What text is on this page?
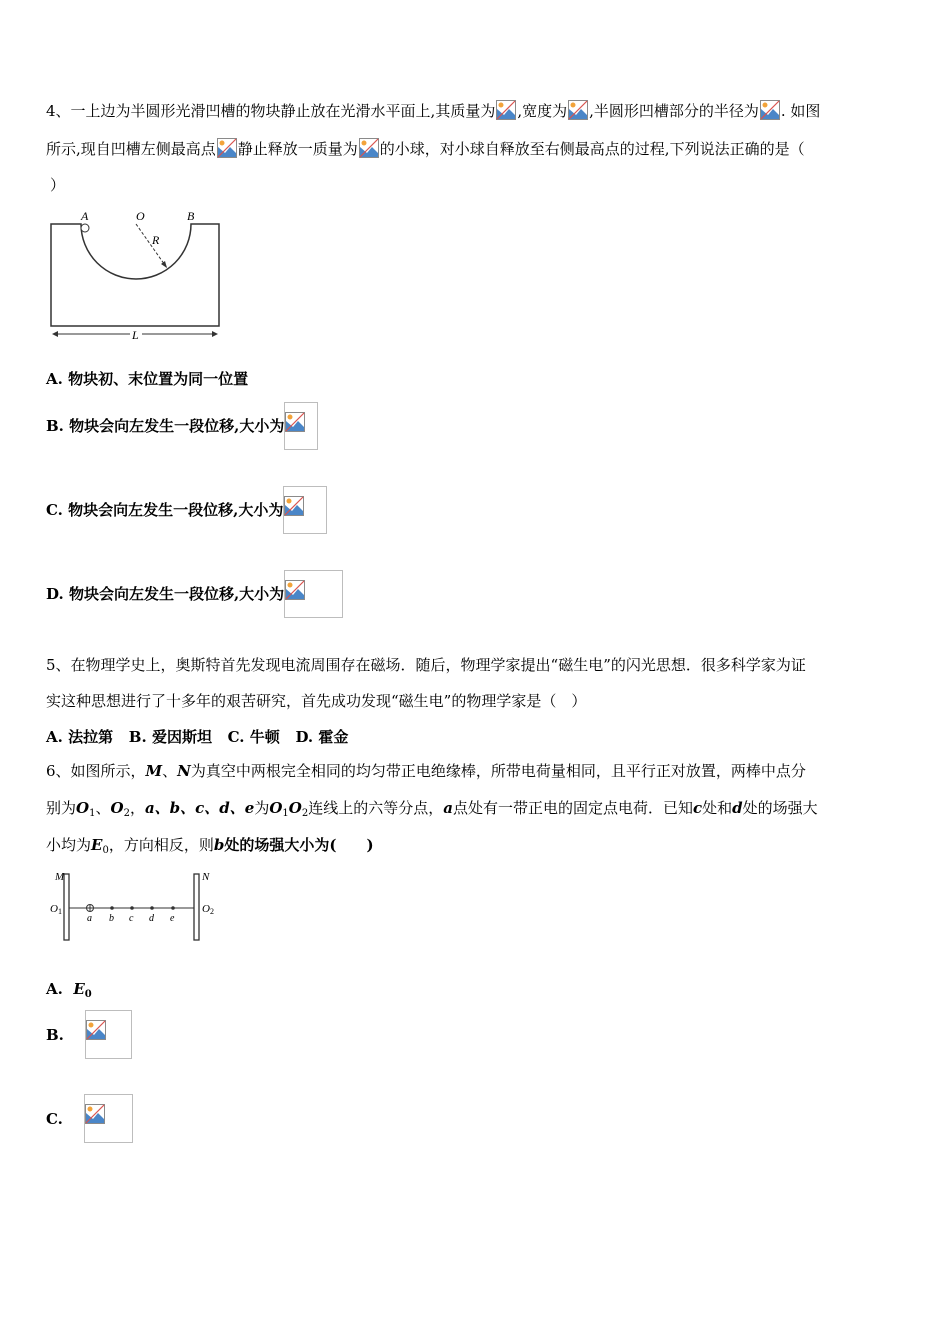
4、一上边为半圆形光滑凹槽的物块静止放在光滑水平面上,其质量为 ,宽度为 ,半圆形凹槽部分的半径为 . 如图
所示,现自凹槽左侧最高点 静止释放一质量为 的小球，对小球自释放至右侧最高点的过程,下列说法正确的是（
）
A	O	B
R
L
A. 物块初、末位置为同一位置
B. 物块会向左发生一段位移,大小为
C. 物块会向左发生一段位移,大小为
D. 物块会向左发生一段位移,大小为
5、在物理学史上，奥斯特首先发现电流周围存在磁场．随后，物理学家提出“磁生电”的闪光思想．很多科学家为证
实这种思想进行了十多年的艰苦研究，首先成功发现“磁生电”的物理学家是（　）
A. 法拉第 B. 爱因斯坦 C. 牛顿 D. 霍金
6、如图所示，M、N为真空中两根完全相同的均匀带正电绝缘棒，所带电荷量相同，且平行正对放置，两棒中点分
别为$O_1$、$O_2$，a、b、c、d、e为$O_1O_2$连线上的六等分点，a点处有一带正电的固定点电荷．已知c处和d处的场强大
小均为$E_0$，方向相反，则b处的场强大小为(　　)
M	N
O1	O2
a b c d e
A. $E_0$
B.
C.
